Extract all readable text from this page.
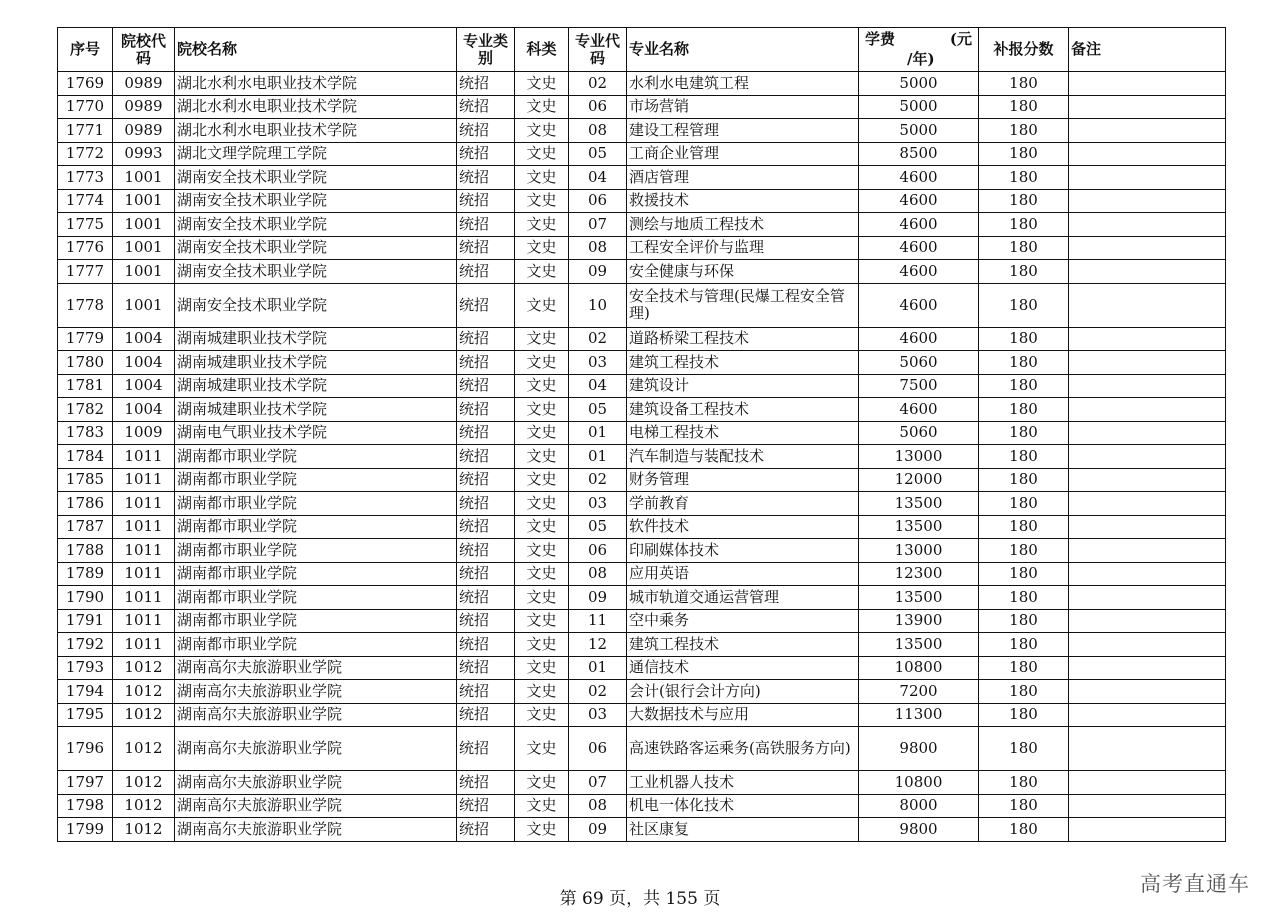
序号	院校代码	院校名称	专业类别	科类	专业代码	专业名称	学费 (元
/年)	补报分数	备注
1769	0989	湖北水利水电职业技术学院	统招	文史	02	水利水电建筑工程	5000	180	
1770	0989	湖北水利水电职业技术学院	统招	文史	06	市场营销	5000	180	
1771	0989	湖北水利水电职业技术学院	统招	文史	08	建设工程管理	5000	180	
1772	0993	湖北文理学院理工学院	统招	文史	05	工商企业管理	8500	180	
1773	1001	湖南安全技术职业学院	统招	文史	04	酒店管理	4600	180	
1774	1001	湖南安全技术职业学院	统招	文史	06	救援技术	4600	180	
1775	1001	湖南安全技术职业学院	统招	文史	07	测绘与地质工程技术	4600	180	
1776	1001	湖南安全技术职业学院	统招	文史	08	工程安全评价与监理	4600	180	
1777	1001	湖南安全技术职业学院	统招	文史	09	安全健康与环保	4600	180	
1778	1001	湖南安全技术职业学院	统招	文史	10	安全技术与管理(民爆工程安全管理)	4600	180	
1779	1004	湖南城建职业技术学院	统招	文史	02	道路桥梁工程技术	4600	180	
1780	1004	湖南城建职业技术学院	统招	文史	03	建筑工程技术	5060	180	
1781	1004	湖南城建职业技术学院	统招	文史	04	建筑设计	7500	180	
1782	1004	湖南城建职业技术学院	统招	文史	05	建筑设备工程技术	4600	180	
1783	1009	湖南电气职业技术学院	统招	文史	01	电梯工程技术	5060	180	
1784	1011	湖南都市职业学院	统招	文史	01	汽车制造与装配技术	13000	180	
1785	1011	湖南都市职业学院	统招	文史	02	财务管理	12000	180	
1786	1011	湖南都市职业学院	统招	文史	03	学前教育	13500	180	
1787	1011	湖南都市职业学院	统招	文史	05	软件技术	13500	180	
1788	1011	湖南都市职业学院	统招	文史	06	印刷媒体技术	13000	180	
1789	1011	湖南都市职业学院	统招	文史	08	应用英语	12300	180	
1790	1011	湖南都市职业学院	统招	文史	09	城市轨道交通运营管理	13500	180	
1791	1011	湖南都市职业学院	统招	文史	11	空中乘务	13900	180	
1792	1011	湖南都市职业学院	统招	文史	12	建筑工程技术	13500	180	
1793	1012	湖南高尔夫旅游职业学院	统招	文史	01	通信技术	10800	180	
1794	1012	湖南高尔夫旅游职业学院	统招	文史	02	会计(银行会计方向)	7200	180	
1795	1012	湖南高尔夫旅游职业学院	统招	文史	03	大数据技术与应用	11300	180	
1796	1012	湖南高尔夫旅游职业学院	统招	文史	06	高速铁路客运乘务(高铁服务方向)	9800	180	
1797	1012	湖南高尔夫旅游职业学院	统招	文史	07	工业机器人技术	10800	180	
1798	1012	湖南高尔夫旅游职业学院	统招	文史	08	机电一体化技术	8000	180	
1799	1012	湖南高尔夫旅游职业学院	统招	文史	09	社区康复	9800	180	
第 69 页，共 155 页
高考直通车
